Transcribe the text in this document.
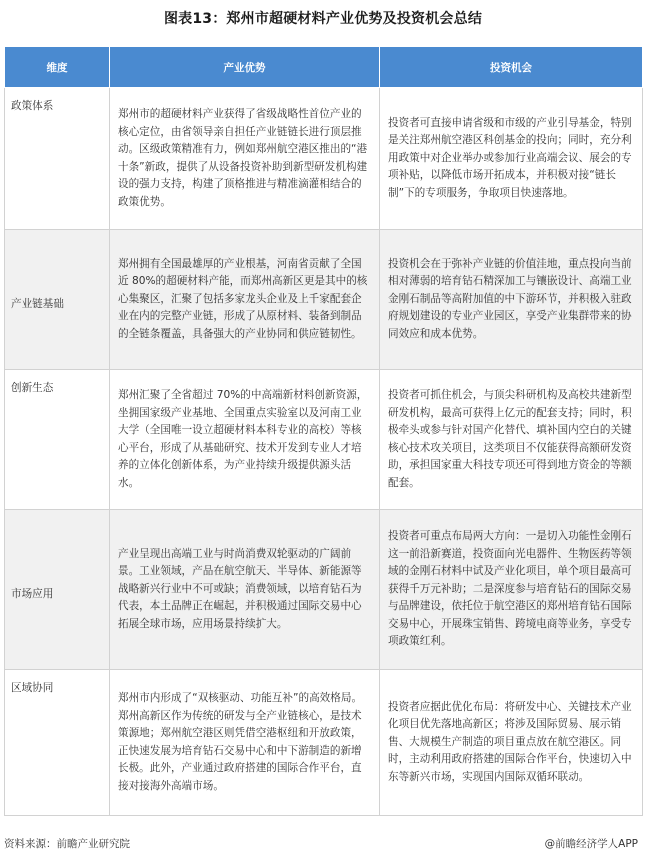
图表13：郑州市超硬材料产业优势及投资机会总结
维度	产业优势	投资机会
政策体系	郑州市的超硬材料产业获得了省级战略性首位产业的核心定位，由省领导亲自担任产业链链长进行顶层推动。区级政策精准有力，例如郑州航空港区推出的“港十条”新政，提供了从设备投资补助到新型研发机构建设的强力支持，构建了顶格推进与精准滴灌相结合的政策优势。	投资者可直接申请省级和市级的产业引导基金，特别是关注郑州航空港区科创基金的投向；同时，充分利用政策中对企业举办或参加行业高端会议、展会的专项补贴，以降低市场开拓成本，并积极对接“链长制”下的专项服务，争取项目快速落地。
产业链基础	郑州拥有全国最雄厚的产业根基，河南省贡献了全国近 80%的超硬材料产能，而郑州高新区更是其中的核心集聚区，汇聚了包括多家龙头企业及上千家配套企业在内的完整产业链，形成了从原材料、装备到制品的全链条覆盖，具备强大的产业协同和供应链韧性。	投资机会在于弥补产业链的价值洼地，重点投向当前相对薄弱的培育钻石精深加工与镶嵌设计、高端工业金刚石制品等高附加值的中下游环节，并积极入驻政府规划建设的专业产业园区，享受产业集群带来的协同效应和成本优势。
创新生态	郑州汇聚了全省超过 70%的中高端新材料创新资源，坐拥国家级产业基地、全国重点实验室以及河南工业大学（全国唯一设立超硬材料本科专业的高校）等核心平台，形成了从基础研究、技术开发到专业人才培养的立体化创新体系，为产业持续升级提供源头活水。	投资者可抓住机会，与顶尖科研机构及高校共建新型研发机构，最高可获得上亿元的配套支持；同时，积极牵头或参与针对国产化替代、填补国内空白的关键核心技术攻关项目，这类项目不仅能获得高额研发资助，承担国家重大科技专项还可得到地方资金的等额配套。
市场应用	产业呈现出高端工业与时尚消费双轮驱动的广阔前景。工业领域，产品在航空航天、半导体、新能源等战略新兴行业中不可或缺；消费领域，以培育钻石为代表，本土品牌正在崛起，并积极通过国际交易中心拓展全球市场，应用场景持续扩大。	投资者可重点布局两大方向：一是切入功能性金刚石这一前沿新赛道，投资面向光电器件、生物医药等领域的金刚石材料中试及产业化项目，单个项目最高可获得千万元补助；二是深度参与培育钻石的国际交易与品牌建设，依托位于航空港区的郑州培育钻石国际交易中心，开展珠宝销售、跨境电商等业务，享受专项政策红利。
区域协同	郑州市内形成了“双核驱动、功能互补”的高效格局。郑州高新区作为传统的研发与全产业链核心，是技术策源地；郑州航空港区则凭借空港枢纽和开放政策，正快速发展为培育钻石交易中心和中下游制造的新增长极。此外，产业通过政府搭建的国际合作平台，直接对接海外高端市场。	投资者应据此优化布局：将研发中心、关键技术产业化项目优先落地高新区；将涉及国际贸易、展示销售、大规模生产制造的项目重点放在航空港区。同时，主动利用政府搭建的国际合作平台，快速切入中东等新兴市场，实现国内国际双循环联动。
资料来源：前瞻产业研究院	@前瞻经济学人APP
